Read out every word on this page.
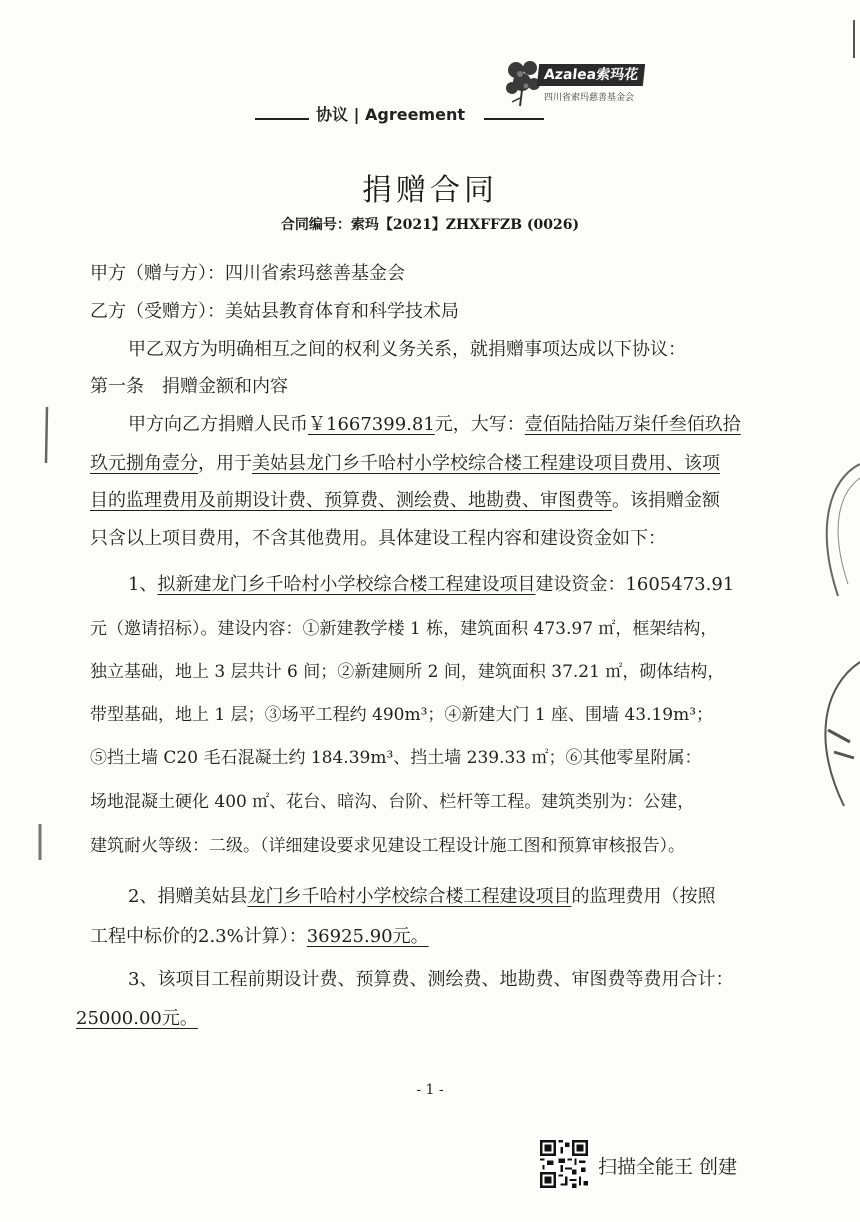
协议 | Agreement
Azalea索玛花
四川省索玛慈善基金会
捐赠合同
合同编号：索玛【2021】ZHXFFZB (0026)
甲方（赠与方）：四川省索玛慈善基金会
乙方（受赠方）：美姑县教育体育和科学技术局
甲乙双方为明确相互之间的权利义务关系，就捐赠事项达成以下协议：
第一条　捐赠金额和内容
甲方向乙方捐赠人民币￥1667399.81元，大写：壹佰陆拾陆万柒仟叁佰玖拾
玖元捌角壹分，用于美姑县龙门乡千哈村小学校综合楼工程建设项目费用、该项
目的监理费用及前期设计费、预算费、测绘费、地勘费、审图费等。该捐赠金额
只含以上项目费用，不含其他费用。具体建设工程内容和建设资金如下：
1、拟新建龙门乡千哈村小学校综合楼工程建设项目建设资金：1605473.91
元（邀请招标）。建设内容：①新建教学楼 1 栋，建筑面积 473.97 ㎡，框架结构，
独立基础，地上 3 层共计 6 间；②新建厕所 2 间，建筑面积 37.21 ㎡，砌体结构，
带型基础，地上 1 层；③场平工程约 490m³；④新建大门 1 座、围墙 43.19m³；
⑤挡土墙 C20 毛石混凝土约 184.39m³、挡土墙 239.33 ㎡；⑥其他零星附属：
场地混凝土硬化 400 ㎡、花台、暗沟、台阶、栏杆等工程。建筑类别为：公建，
建筑耐火等级：二级。（详细建设要求见建设工程设计施工图和预算审核报告）。
2、捐赠美姑县龙门乡千哈村小学校综合楼工程建设项目的监理费用（按照
工程中标价的2.3%计算）：36925.90元。
3、该项目工程前期设计费、预算费、测绘费、地勘费、审图费等费用合计：
25000.00元。
- 1 -
扫描全能王 创建
